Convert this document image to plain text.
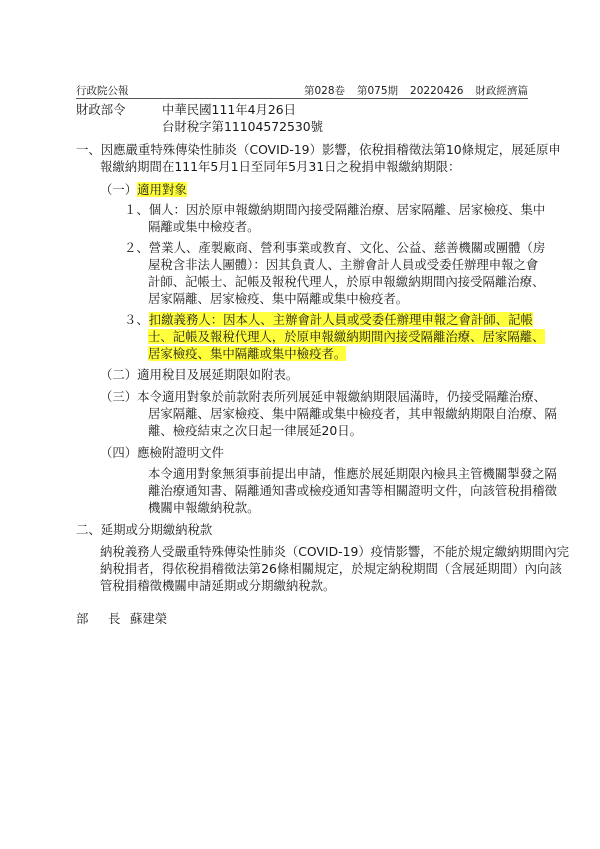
行政院公報	第028卷 第075期 20220426 財政經濟篇
財政部令	中華民國111年4月26日
台財稅字第11104572530號
一、因應嚴重特殊傳染性肺炎（COVID-19）影響，依稅捐稽徵法第10條規定，展延原申
報繳納期間在111年5月1日至同年5月31日之稅捐申報繳納期限：
（一）適用對象
１、個人：因於原申報繳納期間內接受隔離治療、居家隔離、居家檢疫、集中
隔離或集中檢疫者。
２、營業人、產製廠商、營利事業或教育、文化、公益、慈善機關或團體（房
屋稅含非法人團體）：因其負責人、主辦會計人員或受委任辦理申報之會
計師、記帳士、記帳及報稅代理人，於原申報繳納期間內接受隔離治療、
居家隔離、居家檢疫、集中隔離或集中檢疫者。
３、扣繳義務人：因本人、主辦會計人員或受委任辦理申報之會計師、記帳
士、記帳及報稅代理人，於原申報繳納期間內接受隔離治療、居家隔離、
居家檢疫、集中隔離或集中檢疫者。
（二）適用稅目及展延期限如附表。
（三）本令適用對象於前款附表所列展延申報繳納期限屆滿時，仍接受隔離治療、
居家隔離、居家檢疫、集中隔離或集中檢疫者，其申報繳納期限自治療、隔
離、檢疫結束之次日起一律展延20日。
（四）應檢附證明文件
本令適用對象無須事前提出申請，惟應於展延期限內檢具主管機關掣發之隔
離治療通知書、隔離通知書或檢疫通知書等相關證明文件，向該管稅捐稽徵
機關申報繳納稅款。
二、延期或分期繳納稅款
納稅義務人受嚴重特殊傳染性肺炎（COVID-19）疫情影響，不能於規定繳納期間內完
納稅捐者，得依稅捐稽徵法第26條相關規定，於規定納稅期間（含展延期間）內向該
管稅捐稽徵機關申請延期或分期繳納稅款。
部 長 蘇建榮
